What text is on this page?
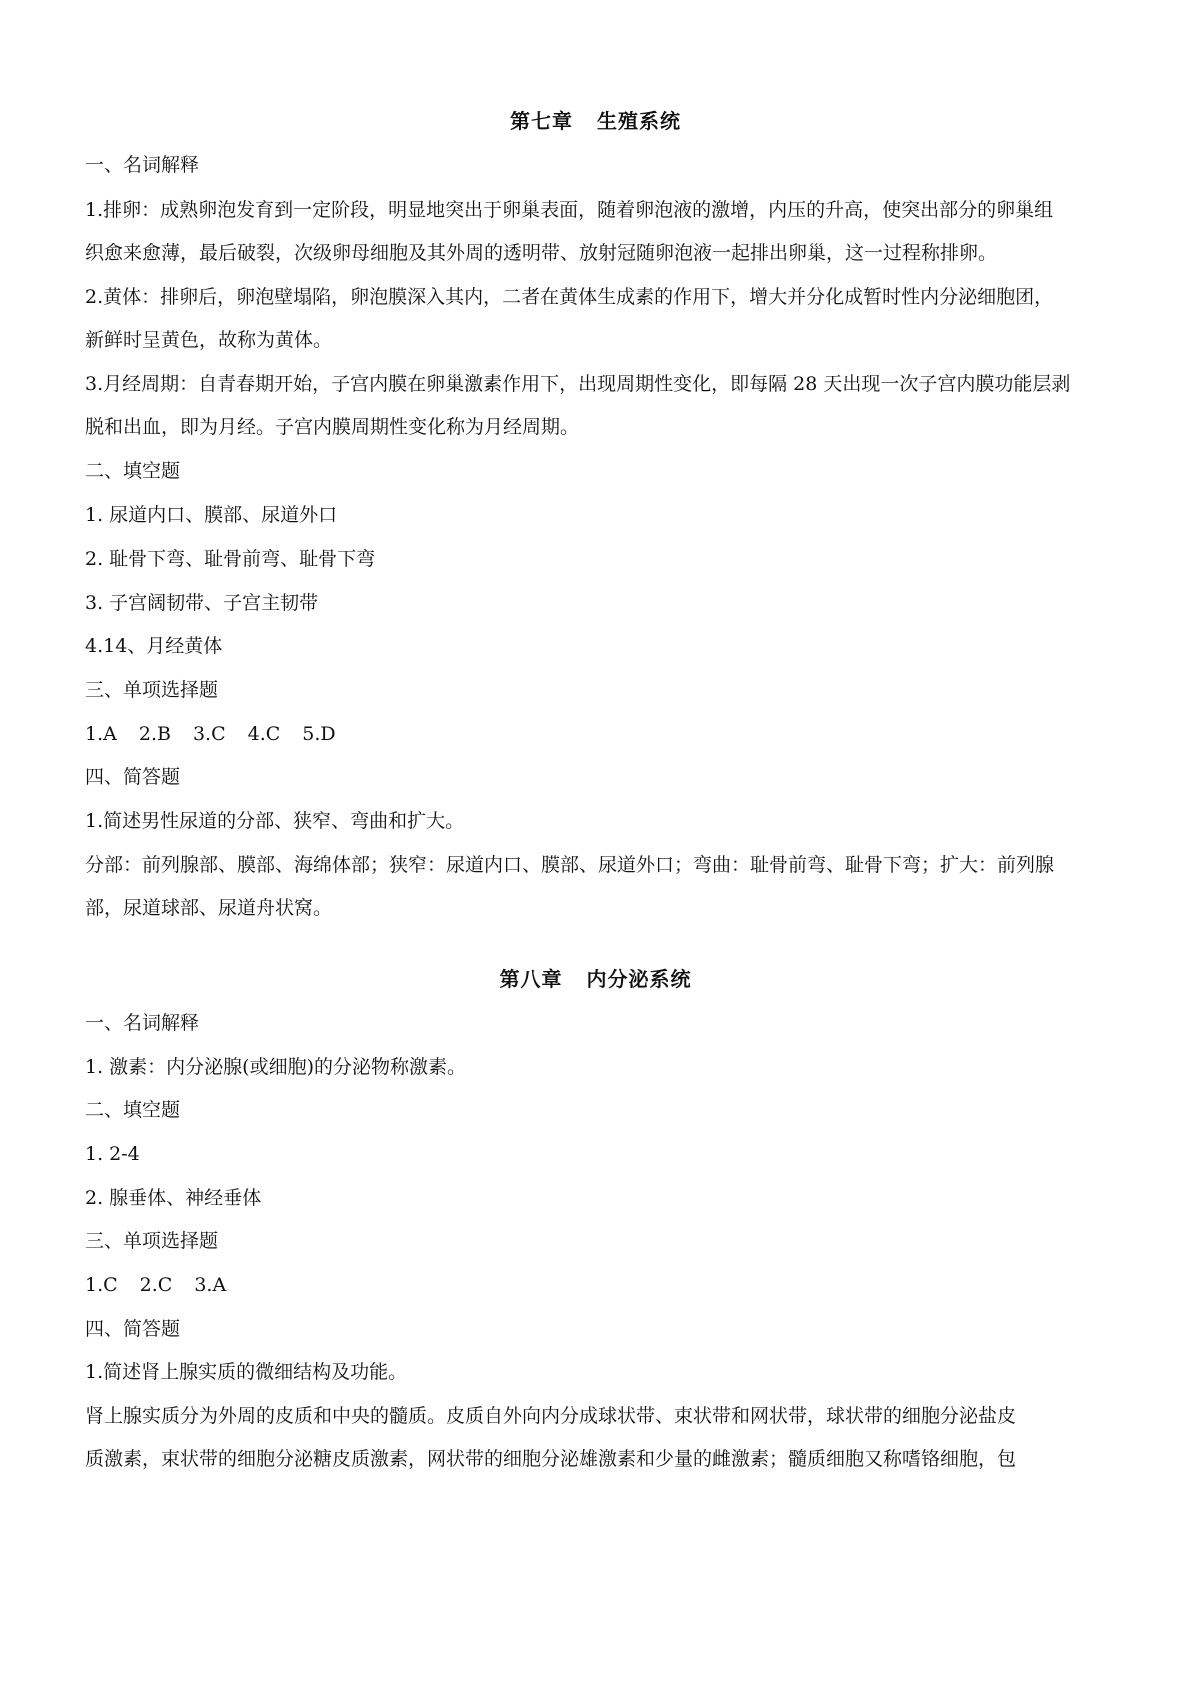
第七章 生殖系统
一、名词解释
1.排卵：成熟卵泡发育到一定阶段，明显地突出于卵巢表面，随着卵泡液的激增，内压的升高，使突出部分的卵巢组
织愈来愈薄，最后破裂，次级卵母细胞及其外周的透明带、放射冠随卵泡液一起排出卵巢，这一过程称排卵。
2.黄体：排卵后，卵泡壁塌陷，卵泡膜深入其内，二者在黄体生成素的作用下，增大并分化成暂时性内分泌细胞团，
新鲜时呈黄色，故称为黄体。
3.月经周期：自青春期开始，子宫内膜在卵巢激素作用下，出现周期性变化，即每隔 28 天出现一次子宫内膜功能层剥
脱和出血，即为月经。子宫内膜周期性变化称为月经周期。
二、填空题
1. 尿道内口、膜部、尿道外口
2. 耻骨下弯、耻骨前弯、耻骨下弯
3. 子宫阔韧带、子宫主韧带
4.14、月经黄体
三、单项选择题
1.A 2.B 3.C 4.C 5.D
四、简答题
1.简述男性尿道的分部、狭窄、弯曲和扩大。
分部：前列腺部、膜部、海绵体部；狭窄：尿道内口、膜部、尿道外口；弯曲：耻骨前弯、耻骨下弯；扩大：前列腺
部，尿道球部、尿道舟状窝。
第八章 内分泌系统
一、名词解释
1. 激素：内分泌腺(或细胞)的分泌物称激素。
二、填空题
1. 2-4
2. 腺垂体、神经垂体
三、单项选择题
1.C 2.C 3.A
四、简答题
1.简述肾上腺实质的微细结构及功能。
肾上腺实质分为外周的皮质和中央的髓质。皮质自外向内分成球状带、束状带和网状带，球状带的细胞分泌盐皮
质激素，束状带的细胞分泌糖皮质激素，网状带的细胞分泌雄激素和少量的雌激素；髓质细胞又称嗜铬细胞，包
